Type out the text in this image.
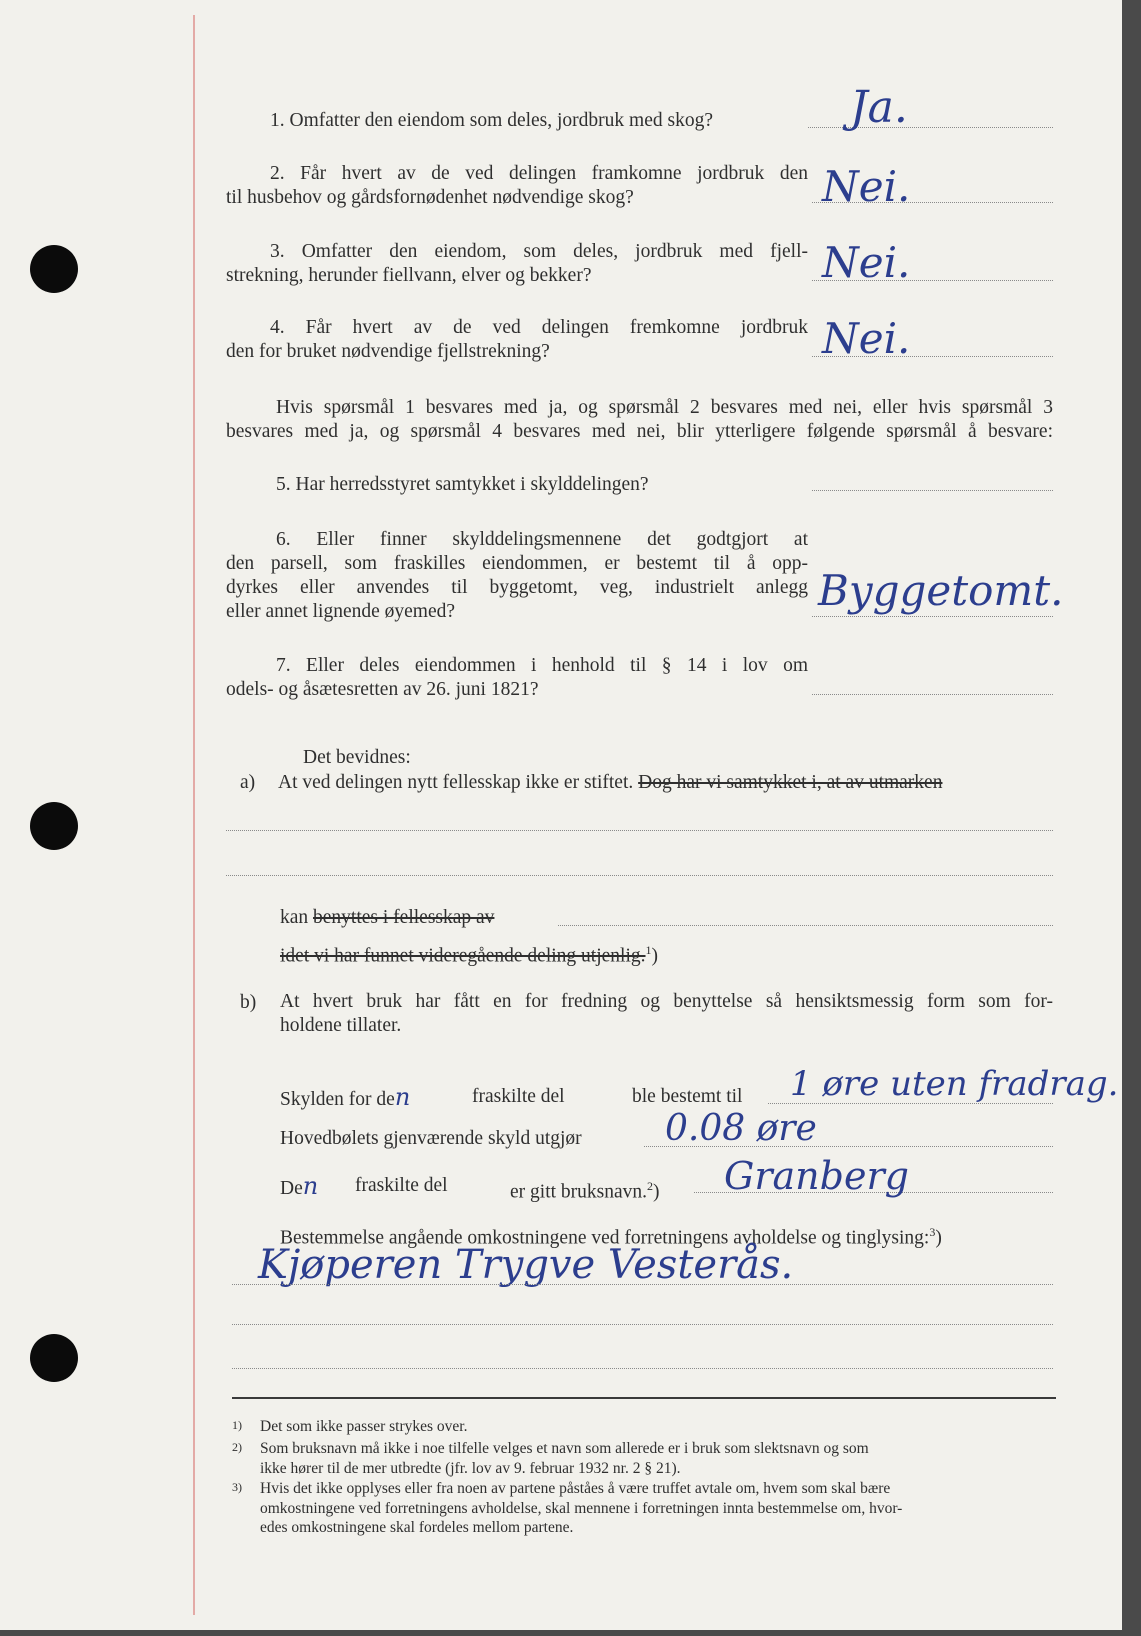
1. Omfatter den eiendom som deles, jordbruk med skog?	Ja.
2. Får hvert av de ved delingen framkomne jordbruk den
til husbehov og gårdsfornødenhet nødvendige skog?	Nei.
3. Omfatter den eiendom, som deles, jordbruk med fjell-
strekning, herunder fiellvann, elver og bekker?	Nei.
4. Får hvert av de ved delingen fremkomne jordbruk
den for bruket nødvendige fjellstrekning?	Nei.
Hvis spørsmål 1 besvares med ja, og spørsmål 2 besvares med nei, eller hvis spørsmål 3
besvares med ja, og spørsmål 4 besvares med nei, blir ytterligere følgende spørsmål å besvare:
5. Har herredsstyret samtykket i skylddelingen?
6. Eller finner skylddelingsmennene det godtgjort at
den parsell, som fraskilles eiendommen, er bestemt til å opp-
dyrkes eller anvendes til byggetomt, veg, industrielt anlegg
eller annet lignende øyemed?	Byggetomt.
7. Eller deles eiendommen i henhold til § 14 i lov om
odels- og åsætesretten av 26. juni 1821?
Det bevidnes:
a) At ved delingen nytt fellesskap ikke er stiftet. Dog har vi samtykket i, at av utmarken
kan benyttes i fellesskap av
idet vi har funnet videregående deling utjenlig.$^1$)
b) At hvert bruk har fått en for fredning og benyttelse så hensiktsmessig form som for-
holdene tillater.
Skylden for den	fraskilte del	ble bestemt til 1 øre uten fradrag.
Hovedbølets gjenværende skyld utgjør 0.08 øre
Den fraskilte del	er gitt bruksnavn.$^2$) Granberg
Bestemmelse angående omkostningene ved forretningens avholdelse og tinglysing:$^3$)
Kjøperen Trygve Vesterås.
1) Det som ikke passer strykes over.
2) Som bruksnavn må ikke i noe tilfelle velges et navn som allerede er i bruk som slektsnavn og som
ikke hører til de mer utbredte (jfr. lov av 9. februar 1932 nr. 2 § 21).
3) Hvis det ikke opplyses eller fra noen av partene påståes å være truffet avtale om, hvem som skal bære
omkostningene ved forretningens avholdelse, skal mennene i forretningen innta bestemmelse om, hvor-
edes omkostningene skal fordeles mellom partene.
